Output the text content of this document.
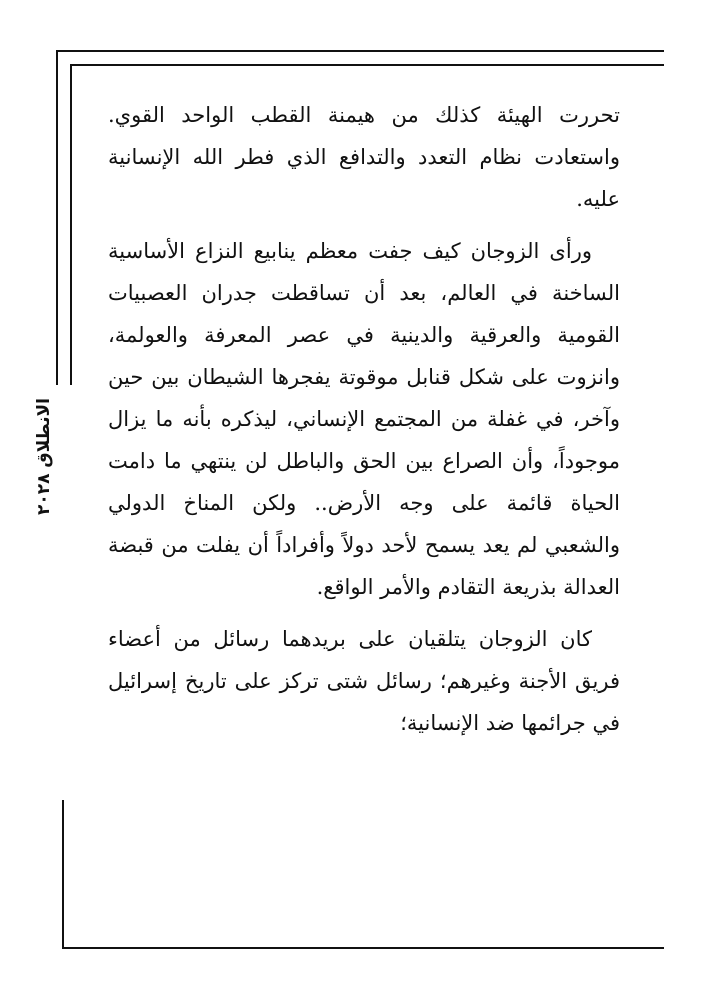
الانطلاق ٢٠٢٨

تحررت الهيئة كذلك من هيمنة القطب الواحد القوي. واستعادت نظام التعدد والتدافع الذي فطر الله الإنسانية عليه.

ورأى الزوجان كيف جفت معظم ينابيع النزاع الأساسية الساخنة في العالم، بعد أن تساقطت جدران العصبيات القومية والعرقية والدينية في عصر المعرفة والعولمة، وانزوت على شكل قنابل موقوتة يفجرها الشيطان بين حين وآخر، في غفلة من المجتمع الإنساني، ليذكره بأنه ما يزال موجوداً، وأن الصراع بين الحق والباطل لن ينتهي ما دامت الحياة قائمة على وجه الأرض.. ولكن المناخ الدولي والشعبي لم يعد يسمح لأحد دولاً وأفراداً أن يفلت من قبضة العدالة بذريعة التقادم والأمر الواقع.

كان الزوجان يتلقيان على بريدهما رسائل من أعضاء فريق الأجنة وغيرهم؛ رسائل شتى تركز على تاريخ إسرائيل في جرائمها ضد الإنسانية؛
